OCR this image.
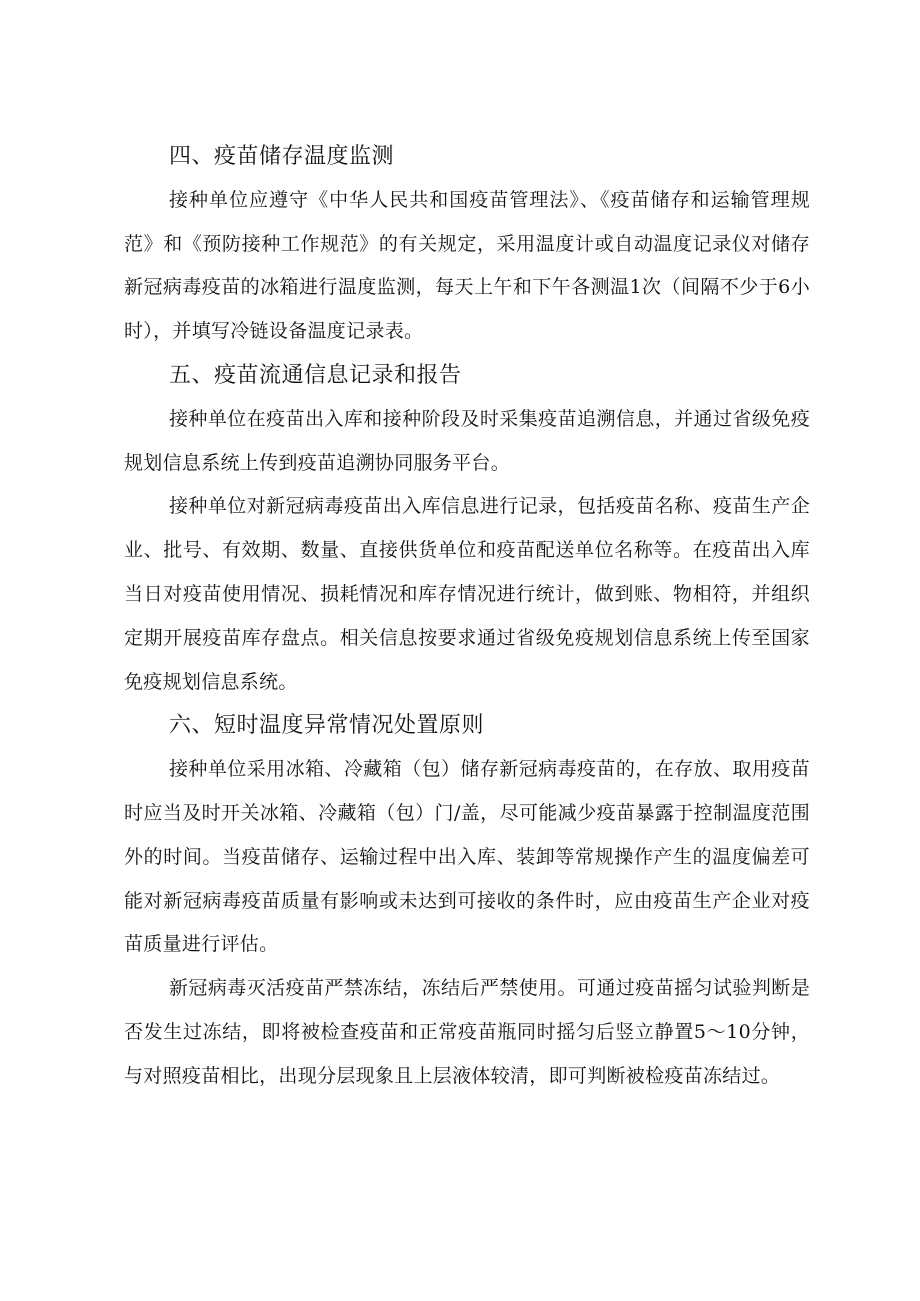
四、疫苗储存温度监测

接种单位应遵守《中华人民共和国疫苗管理法》、《疫苗储存和运输管理规范》和《预防接种工作规范》的有关规定，采用温度计或自动温度记录仪对储存新冠病毒疫苗的冰箱进行温度监测，每天上午和下午各测温1次（间隔不少于6小时），并填写冷链设备温度记录表。

五、疫苗流通信息记录和报告

接种单位在疫苗出入库和接种阶段及时采集疫苗追溯信息，并通过省级免疫规划信息系统上传到疫苗追溯协同服务平台。

接种单位对新冠病毒疫苗出入库信息进行记录，包括疫苗名称、疫苗生产企业、批号、有效期、数量、直接供货单位和疫苗配送单位名称等。在疫苗出入库当日对疫苗使用情况、损耗情况和库存情况进行统计，做到账、物相符，并组织定期开展疫苗库存盘点。相关信息按要求通过省级免疫规划信息系统上传至国家免疫规划信息系统。

六、短时温度异常情况处置原则

接种单位采用冰箱、冷藏箱（包）储存新冠病毒疫苗的，在存放、取用疫苗时应当及时开关冰箱、冷藏箱（包）门/盖，尽可能减少疫苗暴露于控制温度范围外的时间。当疫苗储存、运输过程中出入库、装卸等常规操作产生的温度偏差可能对新冠病毒疫苗质量有影响或未达到可接收的条件时，应由疫苗生产企业对疫苗质量进行评估。

新冠病毒灭活疫苗严禁冻结，冻结后严禁使用。可通过疫苗摇匀试验判断是否发生过冻结，即将被检查疫苗和正常疫苗瓶同时摇匀后竖立静置5～10分钟，与对照疫苗相比，出现分层现象且上层液体较清，即可判断被检疫苗冻结过。
